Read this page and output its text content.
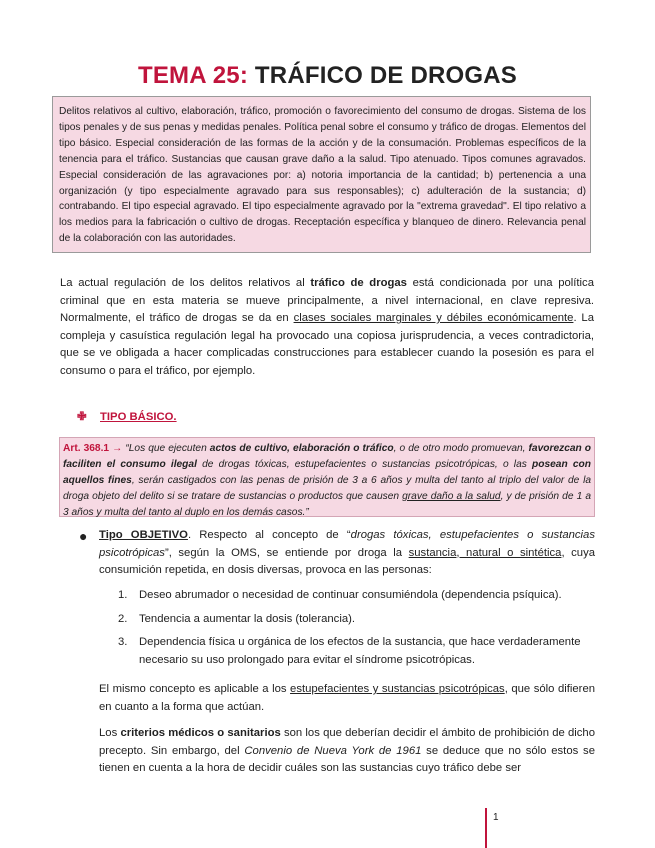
TEMA 25: TRÁFICO DE DROGAS
Delitos relativos al cultivo, elaboración, tráfico, promoción o favorecimiento del consumo de drogas. Sistema de los tipos penales y de sus penas y medidas penales. Política penal sobre el consumo y tráfico de drogas. Elementos del tipo básico. Especial consideración de las formas de la acción y de la consumación. Problemas específicos de la tenencia para el tráfico. Sustancias que causan grave daño a la salud. Tipo atenuado. Tipos comunes agravados. Especial consideración de las agravaciones por: a) notoria importancia de la cantidad; b) pertenencia a una organización (y tipo especialmente agravado para sus responsables); c) adulteración de la sustancia; d) contrabando. El tipo especial agravado. El tipo especialmente agravado por la "extrema gravedad". El tipo relativo a los medios para la fabricación o cultivo de drogas. Receptación específica y blanqueo de dinero. Relevancia penal de la colaboración con las autoridades.
La actual regulación de los delitos relativos al tráfico de drogas está condicionada por una política criminal que en esta materia se mueve principalmente, a nivel internacional, en clave represiva. Normalmente, el tráfico de drogas se da en clases sociales marginales y débiles económicamente. La compleja y casuística regulación legal ha provocado una copiosa jurisprudencia, a veces contradictoria, que se ve obligada a hacer complicadas construcciones para establecer cuando la posesión es para el consumo o para el tráfico, por ejemplo.
✙ TIPO BÁSICO.
Art. 368.1 → “Los que ejecuten actos de cultivo, elaboración o tráfico, o de otro modo promuevan, favorezcan o faciliten el consumo ilegal de drogas tóxicas, estupefacientes o sustancias psicotrópicas, o las posean con aquellos fines, serán castigados con las penas de prisión de 3 a 6 años y multa del tanto al triplo del valor de la droga objeto del delito si se tratare de sustancias o productos que causen grave daño a la salud, y de prisión de 1 a 3 años y multa del tanto al duplo en los demás casos.”
● Tipo OBJETIVO. Respecto al concepto de “drogas tóxicas, estupefacientes o sustancias psicotrópicas”, según la OMS, se entiende por droga la sustancia, natural o sintética, cuya consumición repetida, en dosis diversas, provoca en las personas:
1. Deseo abrumador o necesidad de continuar consumiéndola (dependencia psíquica).
2. Tendencia a aumentar la dosis (tolerancia).
3. Dependencia física u orgánica de los efectos de la sustancia, que hace verdaderamente necesario su uso prolongado para evitar el síndrome psicotrópicas.
El mismo concepto es aplicable a los estupefacientes y sustancias psicotrópicas, que sólo difieren en cuanto a la forma que actúan.
Los criterios médicos o sanitarios son los que deberían decidir el ámbito de prohibición de dicho precepto. Sin embargo, del Convenio de Nueva York de 1961 se deduce que no sólo estos se tienen en cuenta a la hora de decidir cuáles son las sustancias cuyo tráfico debe ser
1
